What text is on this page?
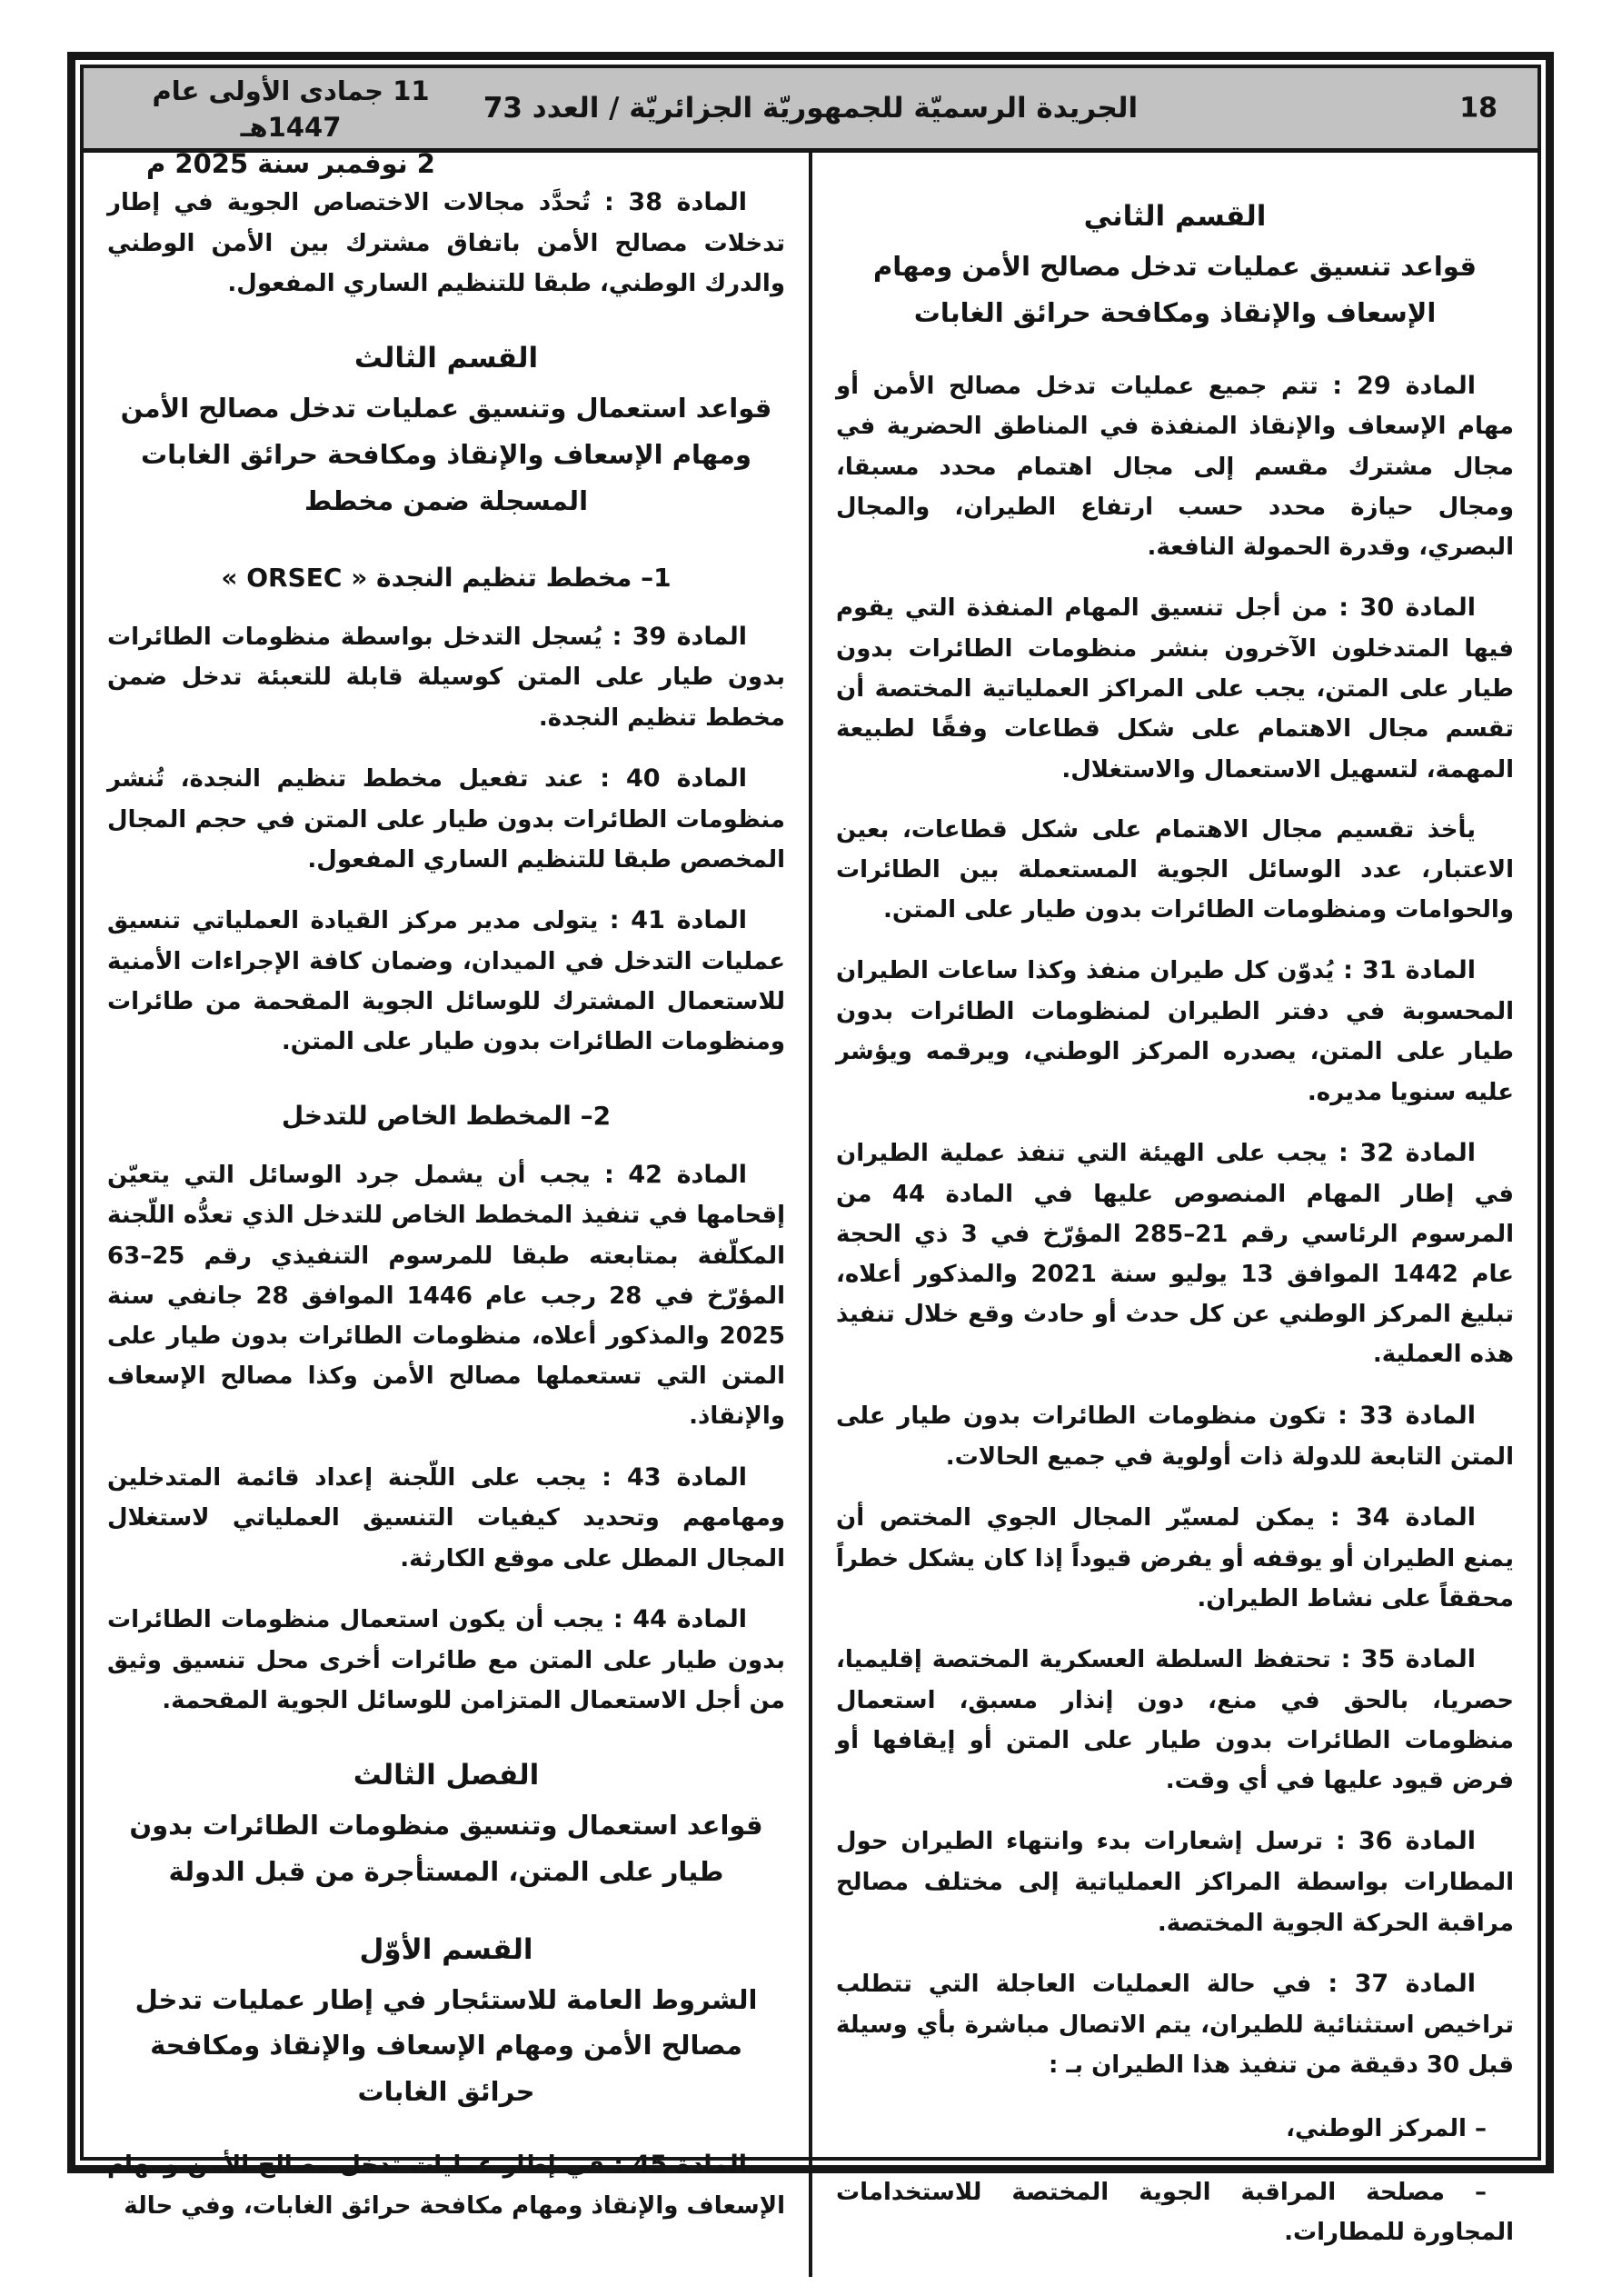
11 جمادى الأولى عام 1447هـ
2 نوفمبر سنة 2025 م
الجريدة الرسميّة للجمهوريّة الجزائريّة / العدد 73	18
القسم الثاني
قواعد تنسيق عمليات تدخل مصالح الأمن ومهام الإسعاف والإنقاذ ومكافحة حرائق الغابات

المادة 29 : تتم جميع عمليات تدخل مصالح الأمن أو مهام الإسعاف والإنقاذ المنفذة في المناطق الحضرية في مجال مشترك مقسم إلى مجال اهتمام محدد مسبقا، ومجال حيازة محدد حسب ارتفاع الطيران، والمجال البصري، وقدرة الحمولة النافعة.

المادة 30 : من أجل تنسيق المهام المنفذة التي يقوم فيها المتدخلون الآخرون بنشر منظومات الطائرات بدون طيار على المتن، يجب على المراكز العملياتية المختصة أن تقسم مجال الاهتمام على شكل قطاعات وفقًا لطبيعة المهمة، لتسهيل الاستعمال والاستغلال.

يأخذ تقسيم مجال الاهتمام على شكل قطاعات، بعين الاعتبار، عدد الوسائل الجوية المستعملة بين الطائرات والحوامات ومنظومات الطائرات بدون طيار على المتن.

المادة 31 : يُدوّن كل طيران منفذ وكذا ساعات الطيران المحسوبة في دفتر الطيران لمنظومات الطائرات بدون طيار على المتن، يصدره المركز الوطني، ويرقمه ويؤشر عليه سنويا مديره.

المادة 32 : يجب على الهيئة التي تنفذ عملية الطيران في إطار المهام المنصوص عليها في المادة 44 من المرسوم الرئاسي رقم 21–285 المؤرّخ في 3 ذي الحجة عام 1442 الموافق 13 يوليو سنة 2021 والمذكور أعلاه، تبليغ المركز الوطني عن كل حدث أو حادث وقع خلال تنفيذ هذه العملية.

المادة 33 : تكون منظومات الطائرات بدون طيار على المتن التابعة للدولة ذات أولوية في جميع الحالات.

المادة 34 : يمكن لمسيّر المجال الجوي المختص أن يمنع الطيران أو يوقفه أو يفرض قيوداً إذا كان يشكل خطراً محققاً على نشاط الطيران.

المادة 35 : تحتفظ السلطة العسكرية المختصة إقليميا، حصريا، بالحق في منع، دون إنذار مسبق، استعمال منظومات الطائرات بدون طيار على المتن أو إيقافها أو فرض قيود عليها في أي وقت.

المادة 36 : ترسل إشعارات بدء وانتهاء الطيران حول المطارات بواسطة المراكز العملياتية إلى مختلف مصالح مراقبة الحركة الجوية المختصة.

المادة 37 : في حالة العمليات العاجلة التي تتطلب تراخيص استثنائية للطيران، يتم الاتصال مباشرة بأي وسيلة قبل 30 دقيقة من تنفيذ هذا الطيران بـ :

– المركز الوطني،

– مصلحة المراقبة الجوية المختصة للاستخدامات المجاورة للمطارات.

المادة 38 : تُحدَّد مجالات الاختصاص الجوية في إطار تدخلات مصالح الأمن باتفاق مشترك بين الأمن الوطني والدرك الوطني، طبقا للتنظيم الساري المفعول.

القسم الثالث
قواعد استعمال وتنسيق عمليات تدخل مصالح الأمن ومهام الإسعاف والإنقاذ ومكافحة حرائق الغابات المسجلة ضمن مخطط
1– مخطط تنظيم النجدة « ORSEC »

المادة 39 : يُسجل التدخل بواسطة منظومات الطائرات بدون طيار على المتن كوسيلة قابلة للتعبئة تدخل ضمن مخطط تنظيم النجدة.

المادة 40 : عند تفعيل مخطط تنظيم النجدة، تُنشر منظومات الطائرات بدون طيار على المتن في حجم المجال المخصص طبقا للتنظيم الساري المفعول.

المادة 41 : يتولى مدير مركز القيادة العملياتي تنسيق عمليات التدخل في الميدان، وضمان كافة الإجراءات الأمنية للاستعمال المشترك للوسائل الجوية المقحمة من طائرات ومنظومات الطائرات بدون طيار على المتن.

2– المخطط الخاص للتدخل

المادة 42 : يجب أن يشمل جرد الوسائل التي يتعيّن إقحامها في تنفيذ المخطط الخاص للتدخل الذي تعدُّه اللّجنة المكلّفة بمتابعته طبقا للمرسوم التنفيذي رقم 25–63 المؤرّخ في 28 رجب عام 1446 الموافق 28 جانفي سنة 2025 والمذكور أعلاه، منظومات الطائرات بدون طيار على المتن التي تستعملها مصالح الأمن وكذا مصالح الإسعاف والإنقاذ.

المادة 43 : يجب على اللّجنة إعداد قائمة المتدخلين ومهامهم وتحديد كيفيات التنسيق العملياتي لاستغلال المجال المطل على موقع الكارثة.

المادة 44 : يجب أن يكون استعمال منظومات الطائرات بدون طيار على المتن مع طائرات أخرى محل تنسيق وثيق من أجل الاستعمال المتزامن للوسائل الجوية المقحمة.

الفصل الثالث
قواعد استعمال وتنسيق منظومات الطائرات بدون طيار على المتن، المستأجرة من قبل الدولة
القسم الأوّل
الشروط العامة للاستئجار في إطار عمليات تدخل مصالح الأمن ومهام الإسعاف والإنقاذ ومكافحة حرائق الغابات

المادة 45 : في إطار عمليات تدخل مصالح الأمن ومهام الإسعاف والإنقاذ ومهام مكافحة حرائق الغابات، وفي حالة
